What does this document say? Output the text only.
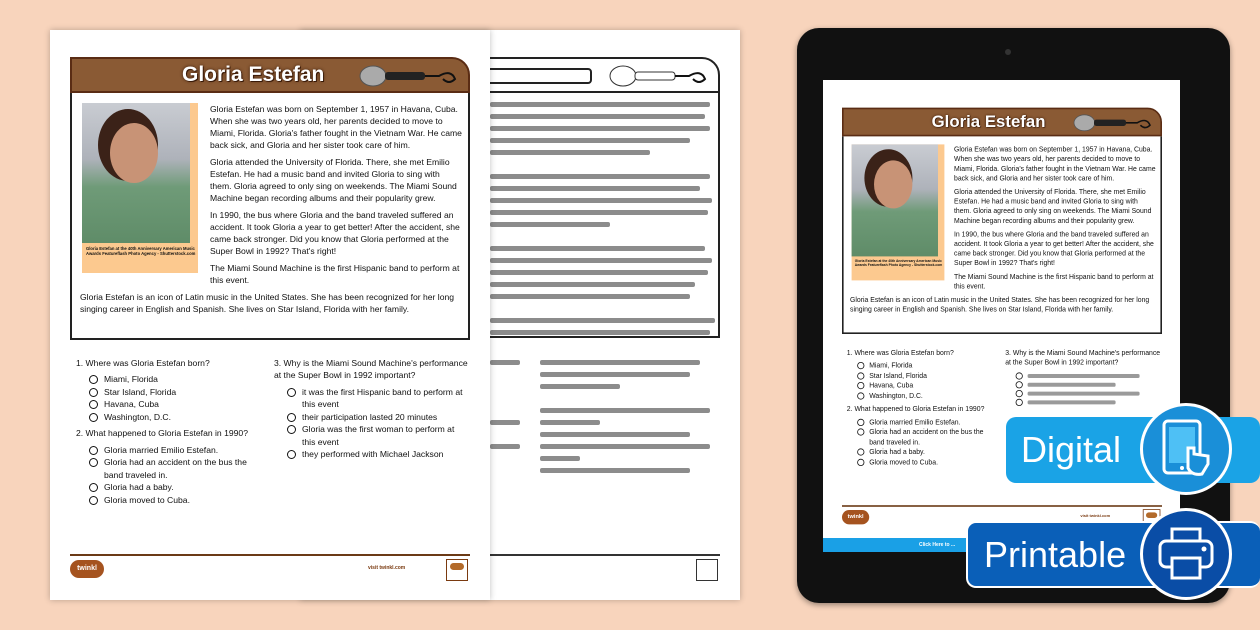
Gloria Estefan
Gloria Estefan at the 40th Anniversary American Music Awards Featureflash Photo Agency - Shutterstock.com

Gloria Estefan was born on September 1, 1957 in Havana, Cuba. When she was two years old, her parents decided to move to Miami, Florida. Gloria's father fought in the Vietnam War. He came back sick, and Gloria and her sister took care of him.

Gloria attended the University of Florida. There, she met Emilio Estefan. He had a music band and invited Gloria to sing with them. Gloria agreed to only sing on weekends. The Miami Sound Machine began recording albums and their popularity grew.

In 1990, the bus where Gloria and the band traveled suffered an accident. It took Gloria a year to get better! After the accident, she came back stronger. Did you know that Gloria performed at the Super Bowl in 1992? That's right!

The Miami Sound Machine is the first Hispanic band to perform at this event.

Gloria Estefan is an icon of Latin music in the United States. She has been recognized for her long singing career in English and Spanish. She lives on Star Island, Florida with her family.

1. Where was Gloria Estefan born?
Miami, Florida
Star Island, Florida
Havana, Cuba
Washington, D.C.
2. What happened to Gloria Estefan in 1990?
Gloria married Emilio Estefan.
Gloria had an accident on the bus the band traveled in.
Gloria had a baby.
Gloria moved to Cuba.
3. Why is the Miami Sound Machine's performance at the Super Bowl in 1992 important?
it was the first Hispanic band to perform at this event
their participation lasted 20 minutes
Gloria was the first woman to perform at this event
they performed with Michael Jackson
twinkl	visit twinkl.com
Gloria Estefan
Gloria Estefan at the 40th Anniversary American Music Awards Featureflash Photo Agency - Shutterstock.com

Gloria Estefan was born on September 1, 1957 in Havana, Cuba. When she was two years old, her parents decided to move to Miami, Florida. Gloria's father fought in the Vietnam War. He came back sick, and Gloria and her sister took care of him.

Gloria attended the University of Florida. There, she met Emilio Estefan. He had a music band and invited Gloria to sing with them. Gloria agreed to only sing on weekends. The Miami Sound Machine began recording albums and their popularity grew.

In 1990, the bus where Gloria and the band traveled suffered an accident. It took Gloria a year to get better! After the accident, she came back stronger. Did you know that Gloria performed at the Super Bowl in 1992? That's right!

The Miami Sound Machine is the first Hispanic band to perform at this event.

Gloria Estefan is an icon of Latin music in the United States. She has been recognized for her long singing career in English and Spanish. She lives on Star Island, Florida with her family.

1. Where was Gloria Estefan born?
Miami, Florida
Star Island, Florida
Havana, Cuba
Washington, D.C.
2. What happened to Gloria Estefan in 1990?
Gloria married Emilio Estefan.
Gloria had an accident on the bus the band traveled in.
Gloria had a baby.
Gloria moved to Cuba.
3. Why is the Miami Sound Machine's performance at the Super Bowl in 1992 important?
twinkl	visit twinkl.com
Click Here to ...
Digital
Printable
